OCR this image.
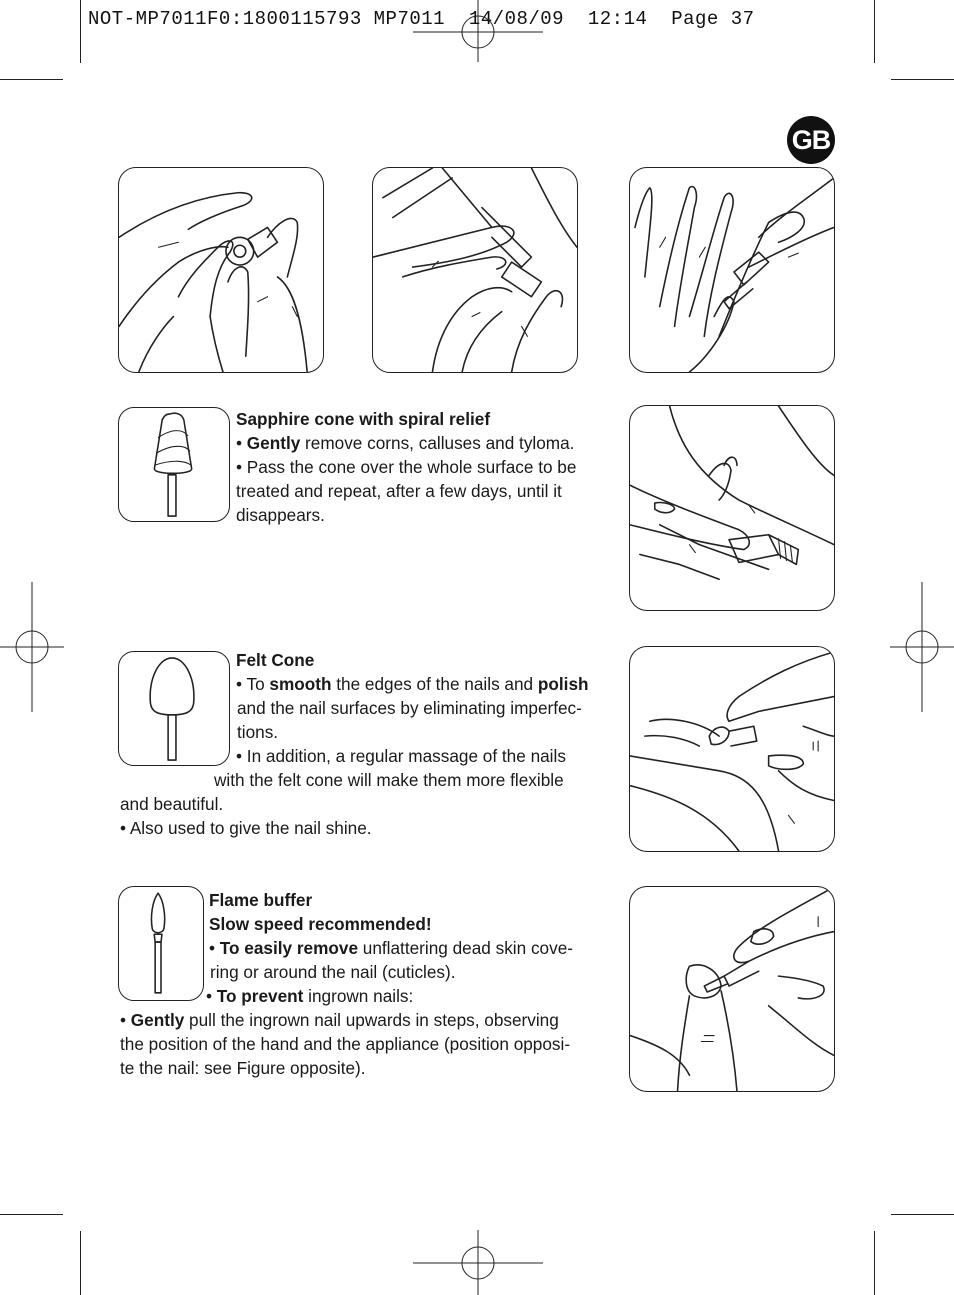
NOT-MP7011F0:1800115793 MP7011  14/08/09  12:14  Page 37
GB

Sapphire cone with spiral relief

• Gently remove corns, calluses and tyloma.

• Pass the cone over the whole surface to be

treated and repeat, after a few days, until it

disappears.

Felt Cone

• To smooth the edges of the nails and polish

and the nail surfaces by eliminating imperfec-

tions.

• In addition, a regular massage of the nails

with the felt cone will make them more flexible

and beautiful.

• Also used to give the nail shine.

Flame buffer

Slow speed recommended!

• To easily remove unflattering dead skin cove-

ring or around the nail (cuticles).

• To prevent ingrown nails:

• Gently pull the ingrown nail upwards in steps, observing

the position of the hand and the appliance (position opposi-

te the nail: see Figure opposite).
